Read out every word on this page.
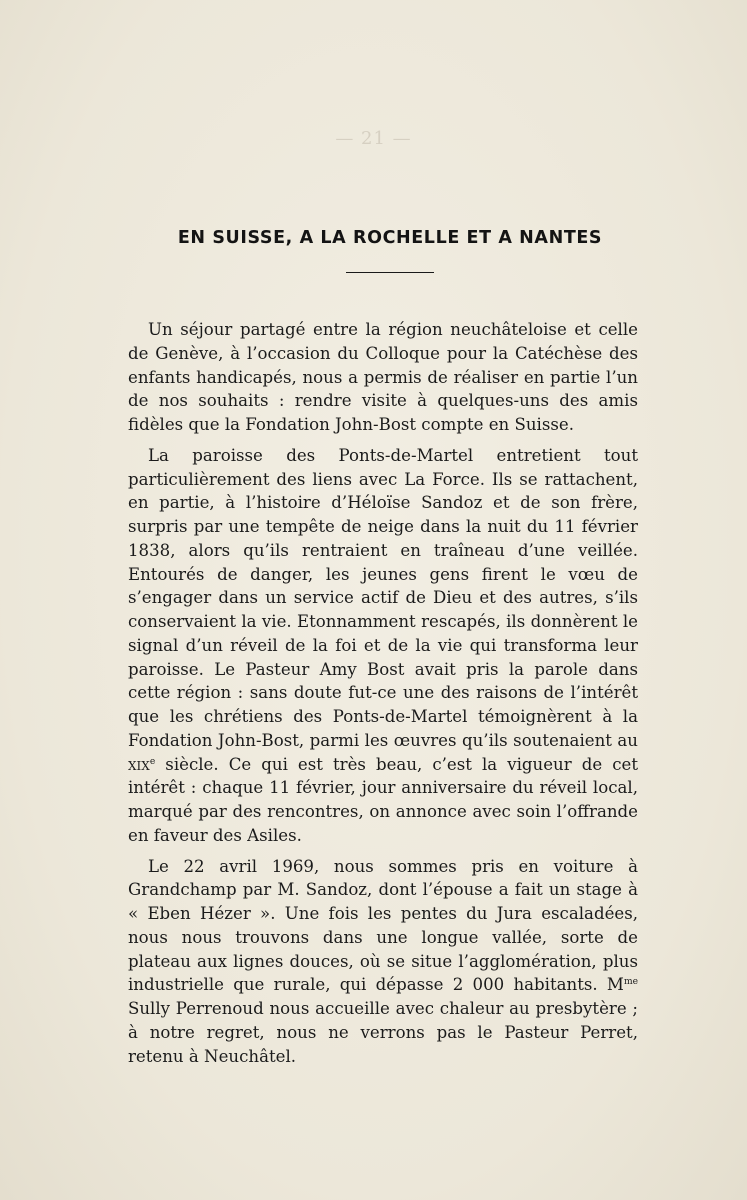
— 21 —
EN SUISSE, A LA ROCHELLE ET A NANTES

Un séjour partagé entre la région neuchâteloise et celle de Genève, à l’occasion du Colloque pour la Catéchèse des enfants handicapés, nous a permis de réaliser en partie l’un de nos souhaits : rendre visite à quelques-uns des amis fidèles que la Fondation John-Bost compte en Suisse.

La paroisse des Ponts-de-Martel entretient tout particulièrement des liens avec La Force. Ils se rattachent, en partie, à l’histoire d’Héloïse Sandoz et de son frère, surpris par une tempête de neige dans la nuit du 11 février 1838, alors qu’ils rentraient en traîneau d’une veillée. Entourés de danger, les jeunes gens firent le vœu de s’engager dans un service actif de Dieu et des autres, s’ils conservaient la vie. Etonnamment rescapés, ils donnèrent le signal d’un réveil de la foi et de la vie qui transforma leur paroisse. Le Pasteur Amy Bost avait pris la parole dans cette région : sans doute fut-ce une des raisons de l’intérêt que les chrétiens des Ponts-de-Martel témoignèrent à la Fondation John-Bost, parmi les œuvres qu’ils soutenaient au xix$^e$ siècle. Ce qui est très beau, c’est la vigueur de cet intérêt : chaque 11 février, jour anniversaire du réveil local, marqué par des rencontres, on annonce avec soin l’offrande en faveur des Asiles.

Le 22 avril 1969, nous sommes pris en voiture à Grandchamp par M. Sandoz, dont l’épouse a fait un stage à « Eben Hézer ». Une fois les pentes du Jura escaladées, nous nous trouvons dans une longue vallée, sorte de plateau aux lignes douces, où se situe l’agglomération, plus industrielle que rurale, qui dépasse 2 000 habitants. $M^{me}$ Sully Perrenoud nous accueille avec chaleur au presbytère ; à notre regret, nous ne verrons pas le Pasteur Perret, retenu à Neuchâtel.
